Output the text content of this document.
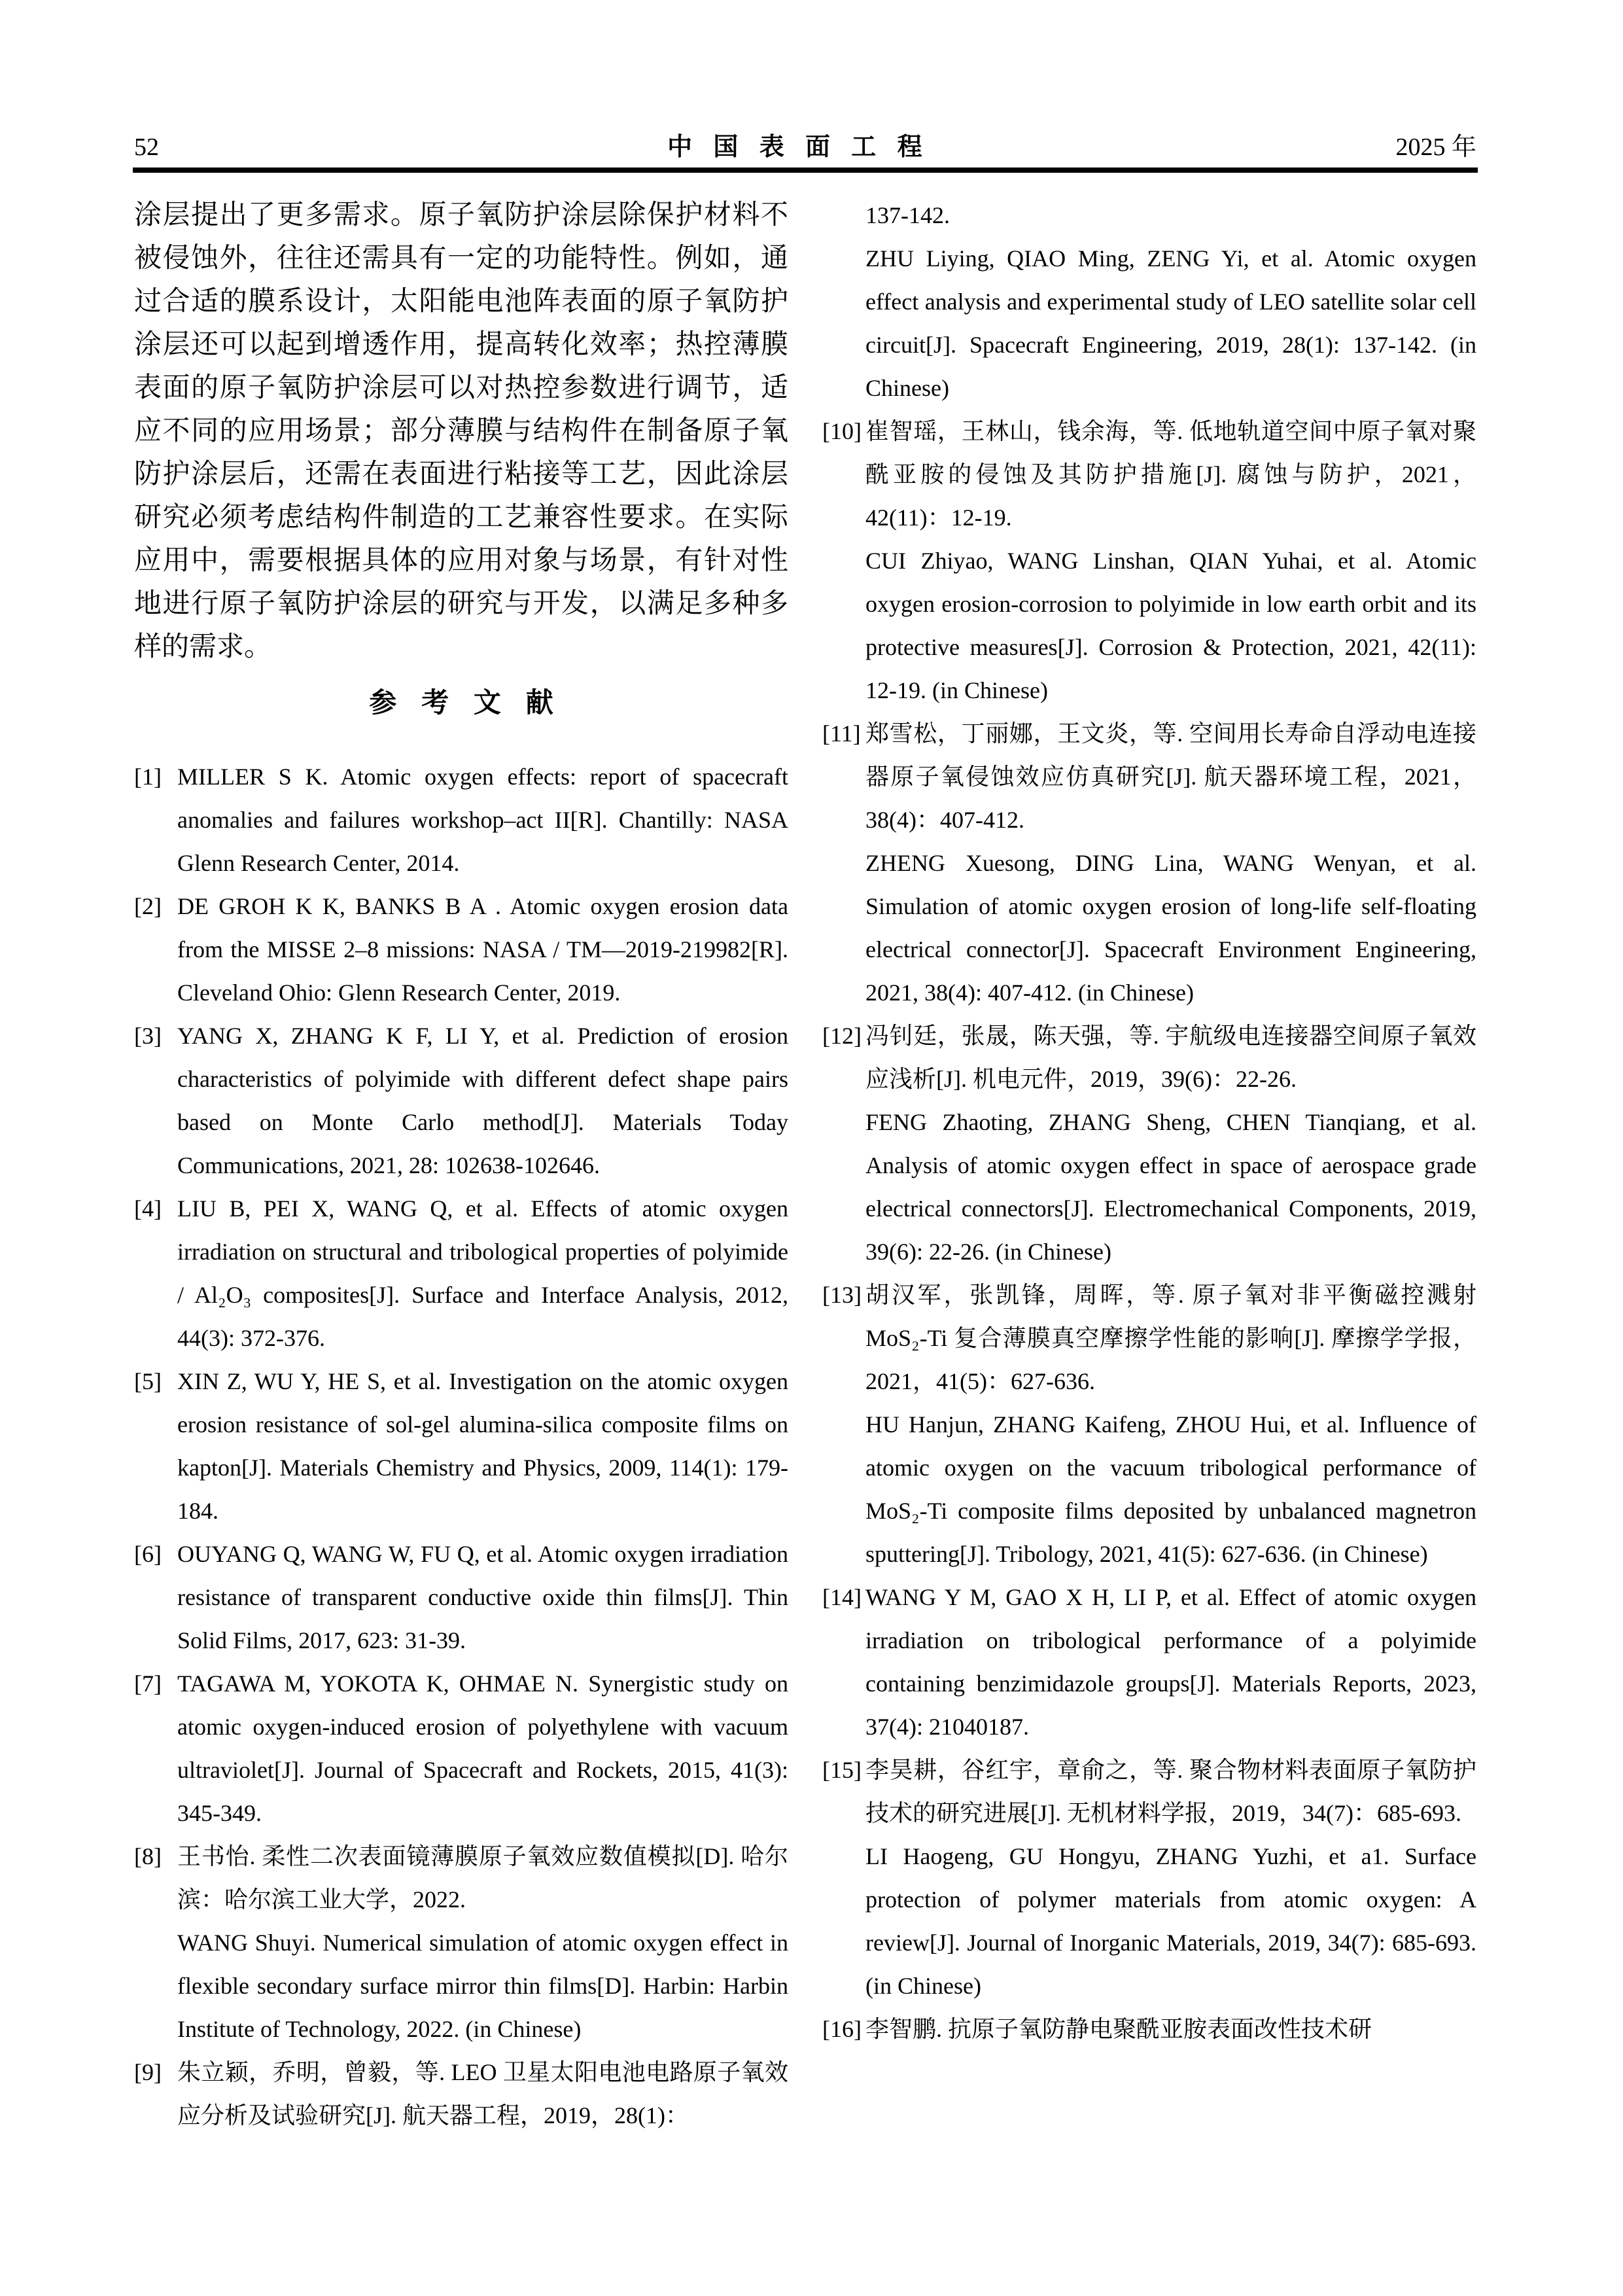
52	中国表面工程	2025 年

涂层提出了更多需求。原子氧防护涂层除保护材料不被侵蚀外，往往还需具有一定的功能特性。例如，通过合适的膜系设计，太阳能电池阵表面的原子氧防护涂层还可以起到增透作用，提高转化效率；热控薄膜表面的原子氧防护涂层可以对热控参数进行调节，适应不同的应用场景；部分薄膜与结构件在制备原子氧防护涂层后，还需在表面进行粘接等工艺，因此涂层研究必须考虑结构件制造的工艺兼容性要求。在实际应用中，需要根据具体的应用对象与场景，有针对性地进行原子氧防护涂层的研究与开发，以满足多种多样的需求。

参考文献
[1] MILLER S K. Atomic oxygen effects: report of spacecraft anomalies and failures workshop–act II[R]. Chantilly: NASA Glenn Research Center, 2014.

[2] DE GROH K K, BANKS B A . Atomic oxygen erosion data from the MISSE 2–8 missions: NASA / TM—2019-219982[R]. Cleveland Ohio: Glenn Research Center, 2019.

[3] YANG X, ZHANG K F, LI Y, et al. Prediction of erosion characteristics of polyimide with different defect shape pairs based on Monte Carlo method[J]. Materials Today Communications, 2021, 28: 102638-102646.

[4] LIU B, PEI X, WANG Q, et al. Effects of atomic oxygen irradiation on structural and tribological properties of polyimide / Al₂O₃ composites[J]. Surface and Interface Analysis, 2012, 44(3): 372-376.

[5] XIN Z, WU Y, HE S, et al. Investigation on the atomic oxygen erosion resistance of sol-gel alumina-silica composite films on kapton[J]. Materials Chemistry and Physics, 2009, 114(1): 179-184.

[6] OUYANG Q, WANG W, FU Q, et al. Atomic oxygen irradiation resistance of transparent conductive oxide thin films[J]. Thin Solid Films, 2017, 623: 31-39.

[7] TAGAWA M, YOKOTA K, OHMAE N. Synergistic study on atomic oxygen-induced erosion of polyethylene with vacuum ultraviolet[J]. Journal of Spacecraft and Rockets, 2015, 41(3): 345-349.

[8] 王书怡. 柔性二次表面镜薄膜原子氧效应数值模拟[D]. 哈尔滨：哈尔滨工业大学，2022.

WANG Shuyi. Numerical simulation of atomic oxygen effect in flexible secondary surface mirror thin films[D]. Harbin: Harbin Institute of Technology, 2022. (in Chinese)

[9] 朱立颖，乔明，曾毅，等. LEO 卫星太阳电池电路原子氧效应分析及试验研究[J]. 航天器工程，2019，28(1)：

137-142.

ZHU Liying, QIAO Ming, ZENG Yi, et al. Atomic oxygen effect analysis and experimental study of LEO satellite solar cell circuit[J]. Spacecraft Engineering, 2019, 28(1): 137-142. (in Chinese)

[10] 崔智瑶，王林山，钱余海，等. 低地轨道空间中原子氧对聚酰亚胺的侵蚀及其防护措施[J]. 腐蚀与防护，2021，42(11)：12-19.

CUI Zhiyao, WANG Linshan, QIAN Yuhai, et al. Atomic oxygen erosion-corrosion to polyimide in low earth orbit and its protective measures[J]. Corrosion & Protection, 2021, 42(11): 12-19. (in Chinese)

[11] 郑雪松，丁丽娜，王文炎，等. 空间用长寿命自浮动电连接器原子氧侵蚀效应仿真研究[J]. 航天器环境工程，2021，38(4)：407-412.

ZHENG Xuesong, DING Lina, WANG Wenyan, et al. Simulation of atomic oxygen erosion of long-life self-floating electrical connector[J]. Spacecraft Environment Engineering, 2021, 38(4): 407-412. (in Chinese)

[12] 冯钊廷，张晟，陈天强，等. 宇航级电连接器空间原子氧效应浅析[J]. 机电元件，2019，39(6)：22-26.

FENG Zhaoting, ZHANG Sheng, CHEN Tianqiang, et al. Analysis of atomic oxygen effect in space of aerospace grade electrical connectors[J]. Electromechanical Components, 2019, 39(6): 22-26. (in Chinese)

[13] 胡汉军，张凯锋，周晖，等. 原子氧对非平衡磁控溅射 MoS₂-Ti 复合薄膜真空摩擦学性能的影响[J]. 摩擦学学报，2021，41(5)：627-636.

HU Hanjun, ZHANG Kaifeng, ZHOU Hui, et al. Influence of atomic oxygen on the vacuum tribological performance of MoS₂-Ti composite films deposited by unbalanced magnetron sputtering[J]. Tribology, 2021, 41(5): 627-636. (in Chinese)

[14] WANG Y M, GAO X H, LI P, et al. Effect of atomic oxygen irradiation on tribological performance of a polyimide containing benzimidazole groups[J]. Materials Reports, 2023, 37(4): 21040187.

[15] 李昊耕，谷红宇，章俞之，等. 聚合物材料表面原子氧防护技术的研究进展[J]. 无机材料学报，2019，34(7)：685-693.

LI Haogeng, GU Hongyu, ZHANG Yuzhi, et a1. Surface protection of polymer materials from atomic oxygen: A review[J]. Journal of Inorganic Materials, 2019, 34(7): 685-693. (in Chinese)

[16] 李智鹏. 抗原子氧防静电聚酰亚胺表面改性技术研
